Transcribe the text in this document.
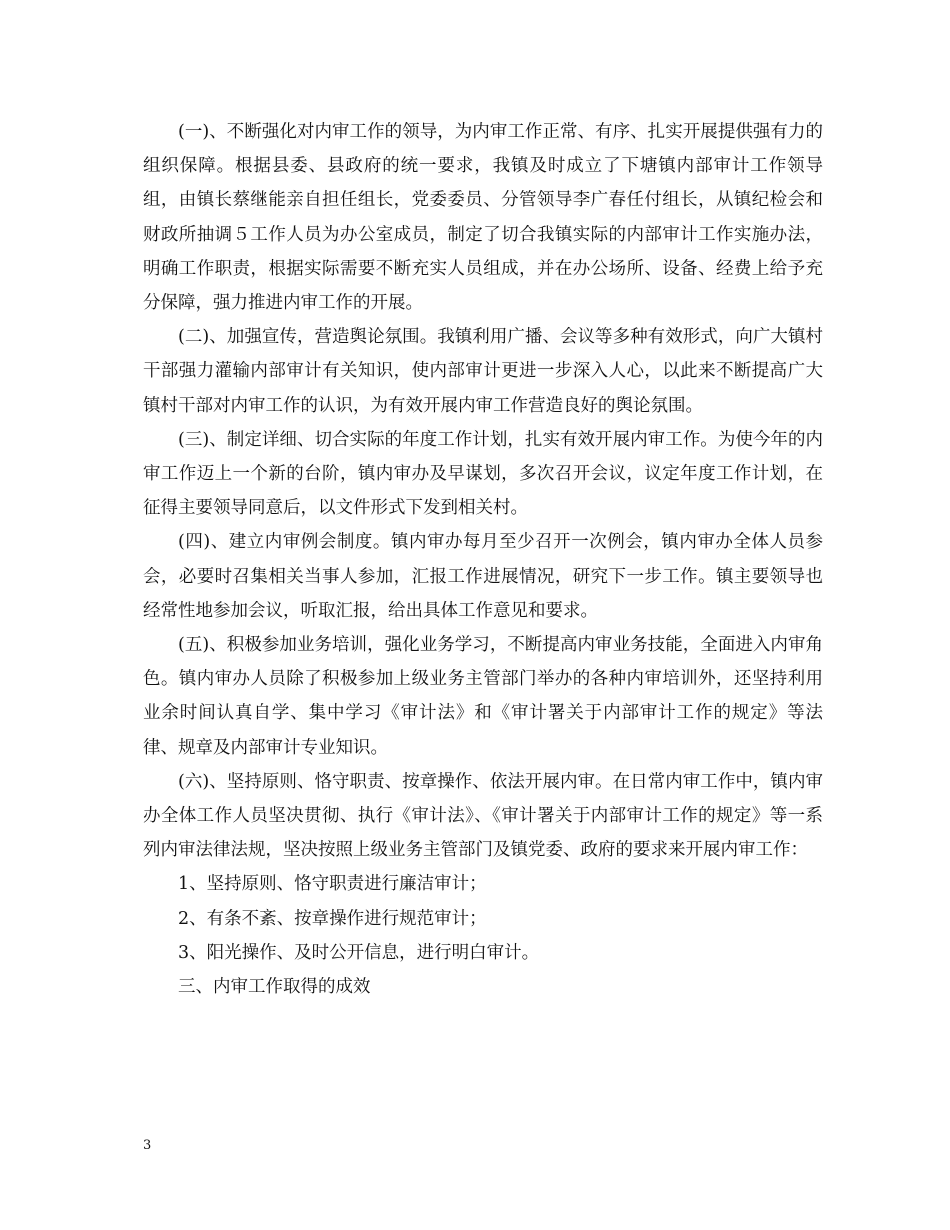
(一)、不断强化对内审工作的领导，为内审工作正常、有序、扎实开展提供强有力的组织保障。根据县委、县政府的统一要求，我镇及时成立了下塘镇内部审计工作领导组，由镇长蔡继能亲自担任组长，党委委员、分管领导李广春任付组长，从镇纪检会和财政所抽调５工作人员为办公室成员，制定了切合我镇实际的内部审计工作实施办法，明确工作职责，根据实际需要不断充实人员组成，并在办公场所、设备、经费上给予充分保障，强力推进内审工作的开展。

(二)、加强宣传，营造舆论氛围。我镇利用广播、会议等多种有效形式，向广大镇村干部强力灌输内部审计有关知识，使内部审计更进一步深入人心，以此来不断提高广大镇村干部对内审工作的认识，为有效开展内审工作营造良好的舆论氛围。

(三)、制定详细、切合实际的年度工作计划，扎实有效开展内审工作。为使今年的内审工作迈上一个新的台阶，镇内审办及早谋划，多次召开会议，议定年度工作计划，在征得主要领导同意后，以文件形式下发到相关村。

(四)、建立内审例会制度。镇内审办每月至少召开一次例会，镇内审办全体人员参会，必要时召集相关当事人参加，汇报工作进展情况，研究下一步工作。镇主要领导也经常性地参加会议，听取汇报，给出具体工作意见和要求。

(五)、积极参加业务培训，强化业务学习，不断提高内审业务技能，全面进入内审角色。镇内审办人员除了积极参加上级业务主管部门举办的各种内审培训外，还坚持利用业余时间认真自学、集中学习《审计法》和《审计署关于内部审计工作的规定》等法律、规章及内部审计专业知识。

(六)、坚持原则、恪守职责、按章操作、依法开展内审。在日常内审工作中，镇内审办全体工作人员坚决贯彻、执行《审计法》、《审计署关于内部审计工作的规定》等一系列内审法律法规，坚决按照上级业务主管部门及镇党委、政府的要求来开展内审工作：

1、坚持原则、恪守职责进行廉洁审计；

2、有条不紊、按章操作进行规范审计；

3、阳光操作、及时公开信息，进行明白审计。

三、内审工作取得的成效

3
